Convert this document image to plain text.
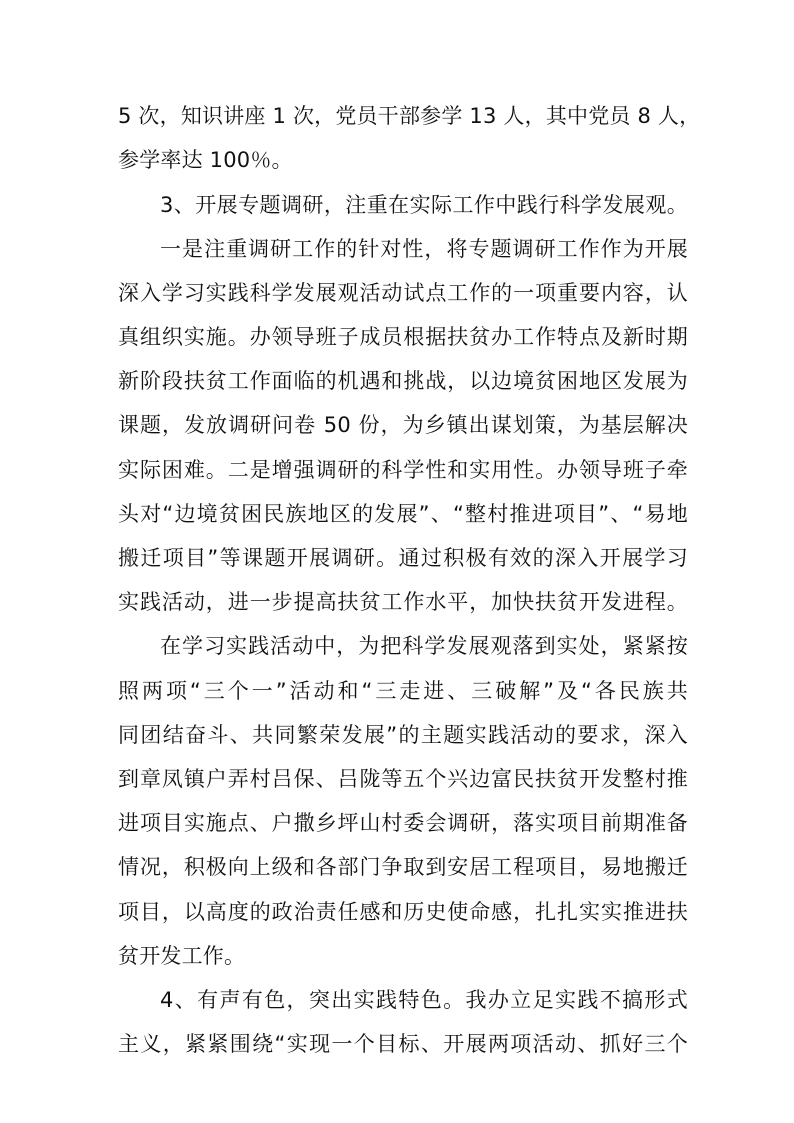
5 次，知识讲座 1 次，党员干部参学 13 人，其中党员 8 人，
参学率达 100％。
3、开展专题调研，注重在实际工作中践行科学发展观。
一是注重调研工作的针对性，将专题调研工作作为开展
深入学习实践科学发展观活动试点工作的一项重要内容，认
真组织实施。办领导班子成员根据扶贫办工作特点及新时期
新阶段扶贫工作面临的机遇和挑战，以边境贫困地区发展为
课题，发放调研问卷 50 份，为乡镇出谋划策，为基层解决
实际困难。二是增强调研的科学性和实用性。办领导班子牵
头对“边境贫困民族地区的发展”、“整村推进项目”、“易地
搬迁项目”等课题开展调研。通过积极有效的深入开展学习
实践活动，进一步提高扶贫工作水平，加快扶贫开发进程。
在学习实践活动中，为把科学发展观落到实处，紧紧按
照两项“三个一”活动和“三走进、三破解”及“各民族共
同团结奋斗、共同繁荣发展”的主题实践活动的要求，深入
到章凤镇户弄村吕保、吕陇等五个兴边富民扶贫开发整村推
进项目实施点、户撒乡坪山村委会调研，落实项目前期准备
情况，积极向上级和各部门争取到安居工程项目，易地搬迁
项目，以高度的政治责任感和历史使命感，扎扎实实推进扶
贫开发工作。
4、有声有色，突出实践特色。我办立足实践不搞形式
主义，紧紧围绕“实现一个目标、开展两项活动、抓好三个
